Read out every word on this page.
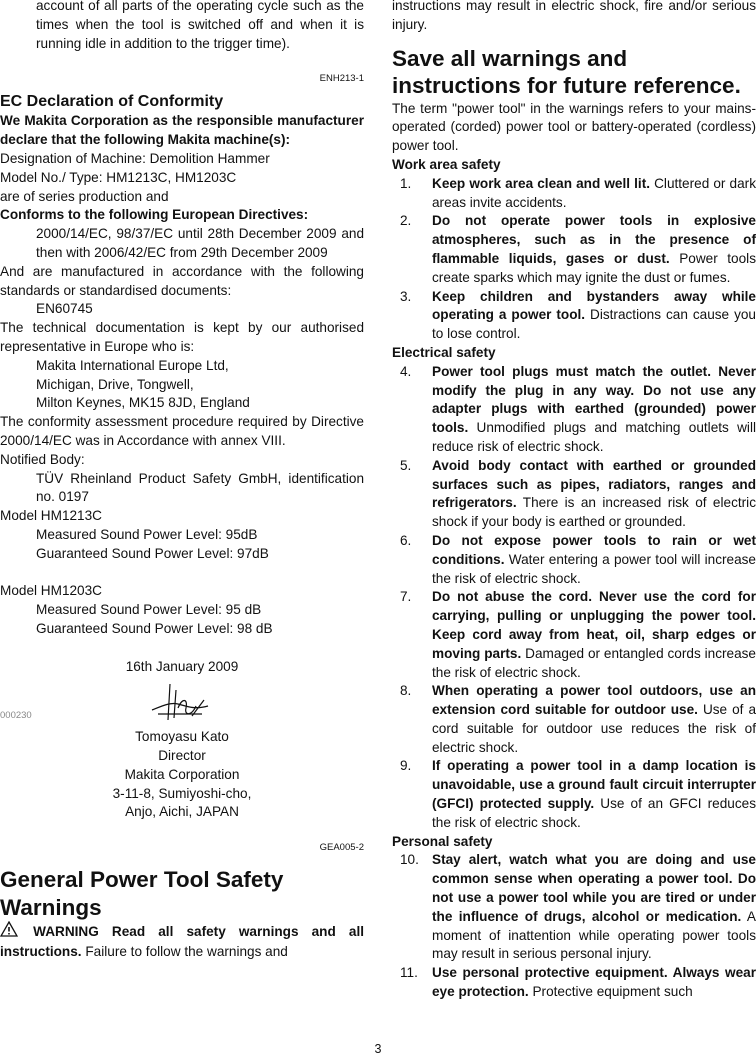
account of all parts of the operating cycle such as the times when the tool is switched off and when it is running idle in addition to the trigger time).
ENH213-1
EC Declaration of Conformity
We Makita Corporation as the responsible manufacturer declare that the following Makita machine(s):
Designation of Machine: Demolition Hammer
Model No./ Type: HM1213C, HM1203C
are of series production and
Conforms to the following European Directives:
2000/14/EC, 98/37/EC until 28th December 2009 and then with 2006/42/EC from 29th December 2009
And are manufactured in accordance with the following standards or standardised documents:
EN60745
The technical documentation is kept by our authorised representative in Europe who is:
Makita International Europe Ltd,
Michigan, Drive, Tongwell,
Milton Keynes, MK15 8JD, England
The conformity assessment procedure required by Directive 2000/14/EC was in Accordance with annex VIII.
Notified Body:
TÜV Rheinland Product Safety GmbH, identification no. 0197
Model HM1213C
Measured Sound Power Level: 95dB
Guaranteed Sound Power Level: 97dB
Model HM1203C
Measured Sound Power Level: 95 dB
Guaranteed Sound Power Level: 98 dB
16th January 2009
000230
Tomoyasu Kato
Director
Makita Corporation
3-11-8, Sumiyoshi-cho,
Anjo, Aichi, JAPAN
GEA005-2
General Power Tool Safety Warnings
WARNING Read all safety warnings and all instructions. Failure to follow the warnings and
instructions may result in electric shock, fire and/or serious injury.
Save all warnings and instructions for future reference.
The term "power tool" in the warnings refers to your mains-operated (corded) power tool or battery-operated (cordless) power tool.
Work area safety
1.	Keep work area clean and well lit. Cluttered or dark areas invite accidents.
2.	Do not operate power tools in explosive atmospheres, such as in the presence of flammable liquids, gases or dust. Power tools create sparks which may ignite the dust or fumes.
3.	Keep children and bystanders away while operating a power tool. Distractions can cause you to lose control.
Electrical safety
4.	Power tool plugs must match the outlet. Never modify the plug in any way. Do not use any adapter plugs with earthed (grounded) power tools. Unmodified plugs and matching outlets will reduce risk of electric shock.
5.	Avoid body contact with earthed or grounded surfaces such as pipes, radiators, ranges and refrigerators. There is an increased risk of electric shock if your body is earthed or grounded.
6.	Do not expose power tools to rain or wet conditions. Water entering a power tool will increase the risk of electric shock.
7.	Do not abuse the cord. Never use the cord for carrying, pulling or unplugging the power tool. Keep cord away from heat, oil, sharp edges or moving parts. Damaged or entangled cords increase the risk of electric shock.
8.	When operating a power tool outdoors, use an extension cord suitable for outdoor use. Use of a cord suitable for outdoor use reduces the risk of electric shock.
9.	If operating a power tool in a damp location is unavoidable, use a ground fault circuit interrupter (GFCI) protected supply. Use of an GFCI reduces the risk of electric shock.
Personal safety
10. Stay alert, watch what you are doing and use common sense when operating a power tool. Do not use a power tool while you are tired or under the influence of drugs, alcohol or medication. A moment of inattention while operating power tools may result in serious personal injury.
11.	Use personal protective equipment. Always wear eye protection. Protective equipment such
3
